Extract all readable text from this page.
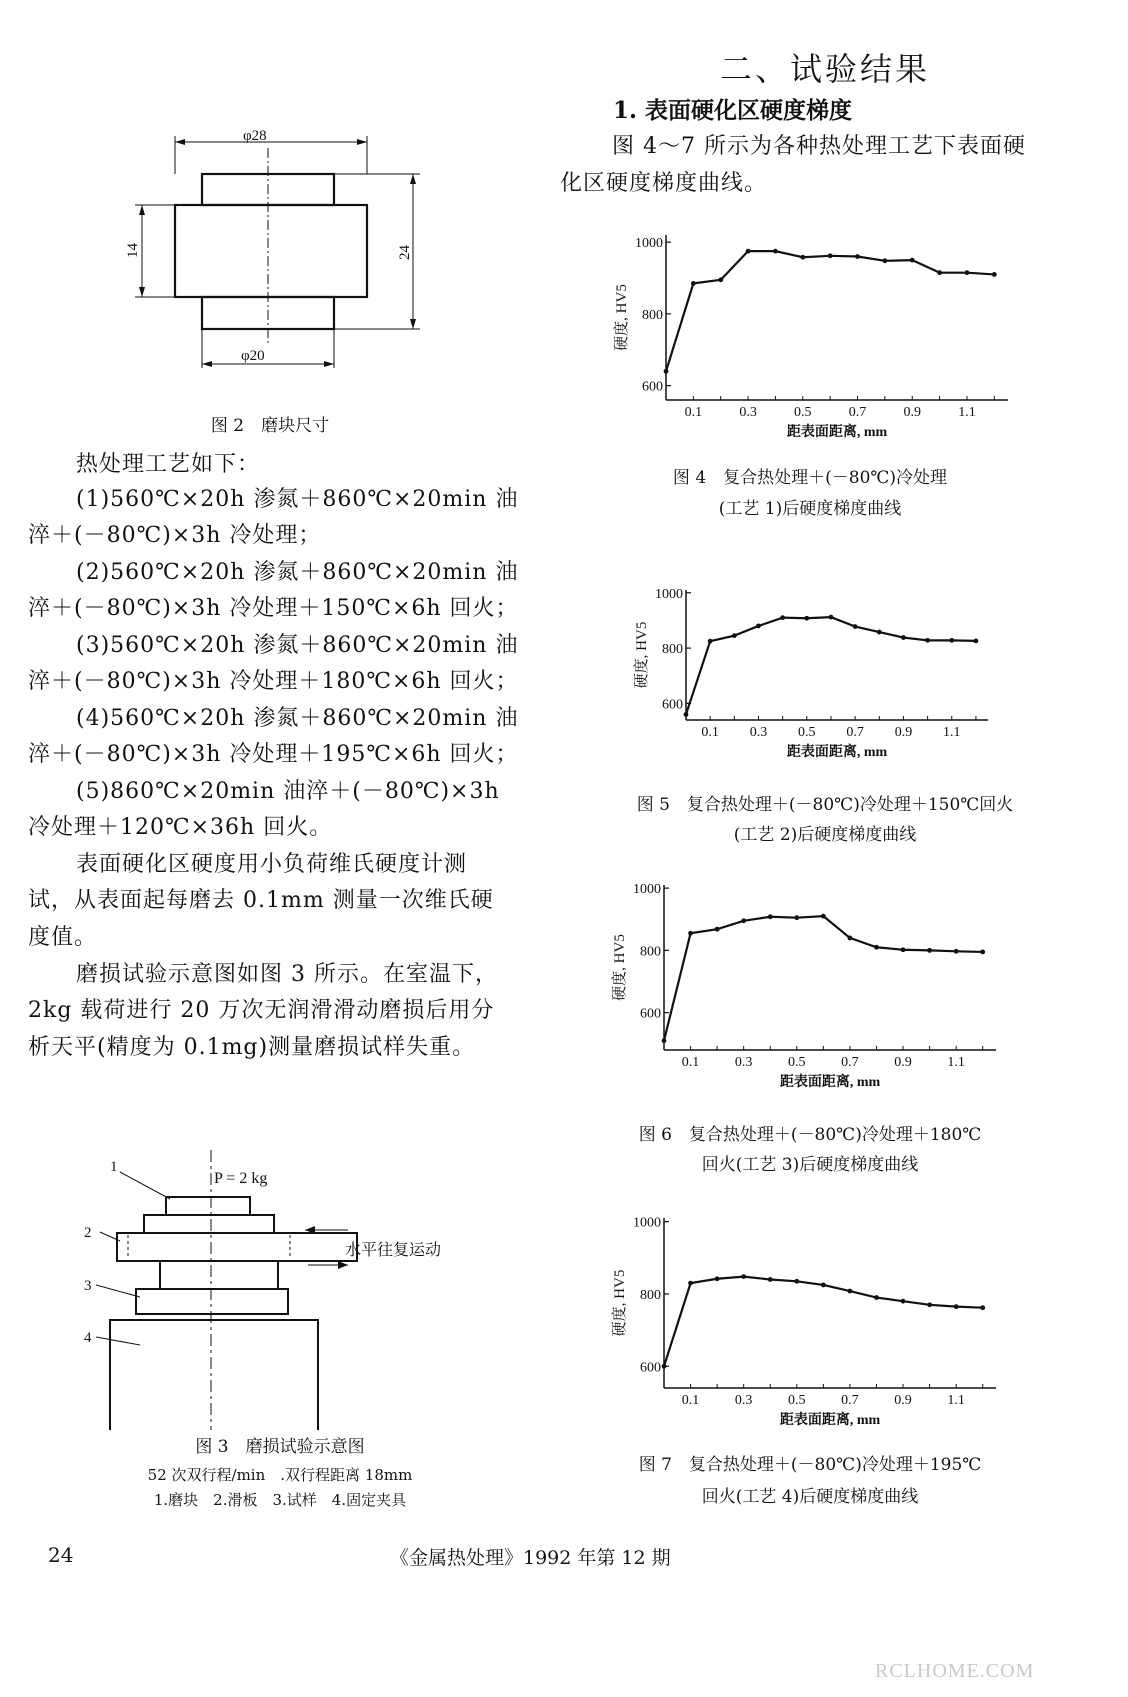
二、试验结果
1. 表面硬化区硬度梯度
图 4～7 所示为各种热处理工艺下表面硬
化区硬度梯度曲线。
φ28
φ20
14	24
图 2　磨块尺寸
热处理工艺如下：
(1)560℃×20h 渗氮＋860℃×20min 油
淬＋(－80℃)×3h 冷处理；
(2)560℃×20h 渗氮＋860℃×20min 油
淬＋(－80℃)×3h 冷处理＋150℃×6h 回火；
(3)560℃×20h 渗氮＋860℃×20min 油
淬＋(－80℃)×3h 冷处理＋180℃×6h 回火；
(4)560℃×20h 渗氮＋860℃×20min 油
淬＋(－80℃)×3h 冷处理＋195℃×6h 回火；
(5)860℃×20min 油淬＋(－80℃)×3h
冷处理＋120℃×36h 回火。
表面硬化区硬度用小负荷维氏硬度计测
试，从表面起每磨去 0.1mm 测量一次维氏硬
度值。
磨损试验示意图如图 3 所示。在室温下，
2kg 载荷进行 20 万次无润滑滑动磨损后用分
析天平(精度为 0.1mg)测量磨损试样失重。
P = 2 kg
水平往复运动
1
2
3
4
图 3　磨损试验示意图
52 次双行程/min　.双行程距离 18mm
1.磨块　2.滑板　3.试样　4.固定夹具
600
800
1000
0.1	0.3	0.5	0.7	0.9	1.1
距表面距离, mm
硬度, HV5
图 4　复合热处理＋(－80℃)冷处理
(工艺 1)后硬度梯度曲线
600
800
1000
0.1 0.3 0.5 0.7 0.9 1.1
距表面距离, mm
硬度, HV5
图 5　复合热处理＋(－80℃)冷处理＋150℃回火
(工艺 2)后硬度梯度曲线
600
800
1000
0.1	0.3	0.5	0.7	0.9	1.1
距表面距离, mm
硬度, HV5
图 6　复合热处理＋(－80℃)冷处理＋180℃
回火(工艺 3)后硬度梯度曲线
600
800
1000
0.1	0.3	0.5	0.7	0.9	1.1
距表面距离, mm
硬度, HV5
图 7　复合热处理＋(－80℃)冷处理＋195℃
回火(工艺 4)后硬度梯度曲线
24	《金属热处理》1992 年第 12 期
RCLHOME.COM
